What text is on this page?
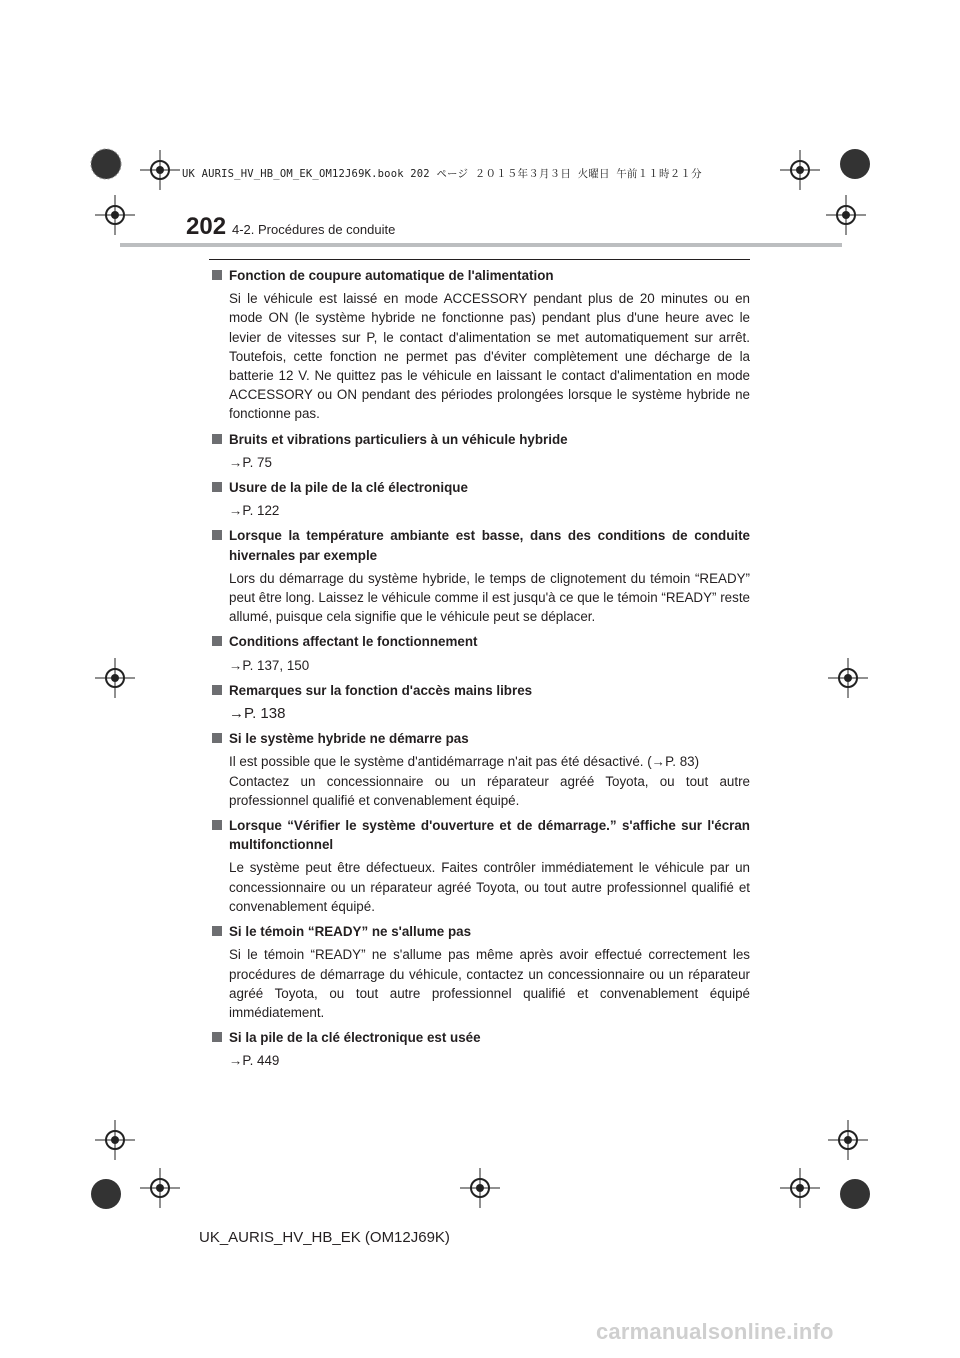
UK AURIS_HV_HB_OM_EK_OM12J69K.book 202 ページ ２０１５年３月３日 火曜日 午前１１時２１分
202 4-2. Procédures de conduite
Fonction de coupure automatique de l'alimentation
Si le véhicule est laissé en mode ACCESSORY pendant plus de 20 minutes ou en mode ON (le système hybride ne fonctionne pas) pendant plus d'une heure avec le levier de vitesses sur P, le contact d'alimentation se met automatiquement sur arrêt. Toutefois, cette fonction ne permet pas d'éviter complètement une décharge de la batterie 12 V. Ne quittez pas le véhicule en laissant le contact d'alimentation en mode ACCESSORY ou ON pendant des périodes prolongées lorsque le système hybride ne fonctionne pas.
Bruits et vibrations particuliers à un véhicule hybride
→P. 75
Usure de la pile de la clé électronique
→P. 122
Lorsque la température ambiante est basse, dans des conditions de conduite hivernales par exemple
Lors du démarrage du système hybride, le temps de clignotement du témoin “READY” peut être long. Laissez le véhicule comme il est jusqu'à ce que le témoin “READY” reste allumé, puisque cela signifie que le véhicule peut se déplacer.
Conditions affectant le fonctionnement
→P. 137, 150
Remarques sur la fonction d'accès mains libres
→P. 138
Si le système hybride ne démarre pas
Il est possible que le système d'antidémarrage n'ait pas été désactivé. (→P. 83)
Contactez un concessionnaire ou un réparateur agréé Toyota, ou tout autre professionnel qualifié et convenablement équipé.
Lorsque “Vérifier le système d'ouverture et de démarrage.” s'affiche sur l'écran multifonctionnel
Le système peut être défectueux. Faites contrôler immédiatement le véhicule par un concessionnaire ou un réparateur agréé Toyota, ou tout autre professionnel qualifié et convenablement équipé.
Si le témoin “READY” ne s'allume pas
Si le témoin “READY” ne s'allume pas même après avoir effectué correctement les procédures de démarrage du véhicule, contactez un concessionnaire ou un réparateur agréé Toyota, ou tout autre professionnel qualifié et convenablement équipé immédiatement.
Si la pile de la clé électronique est usée
→P. 449
UK_AURIS_HV_HB_EK (OM12J69K)
carmanualsonline.info
